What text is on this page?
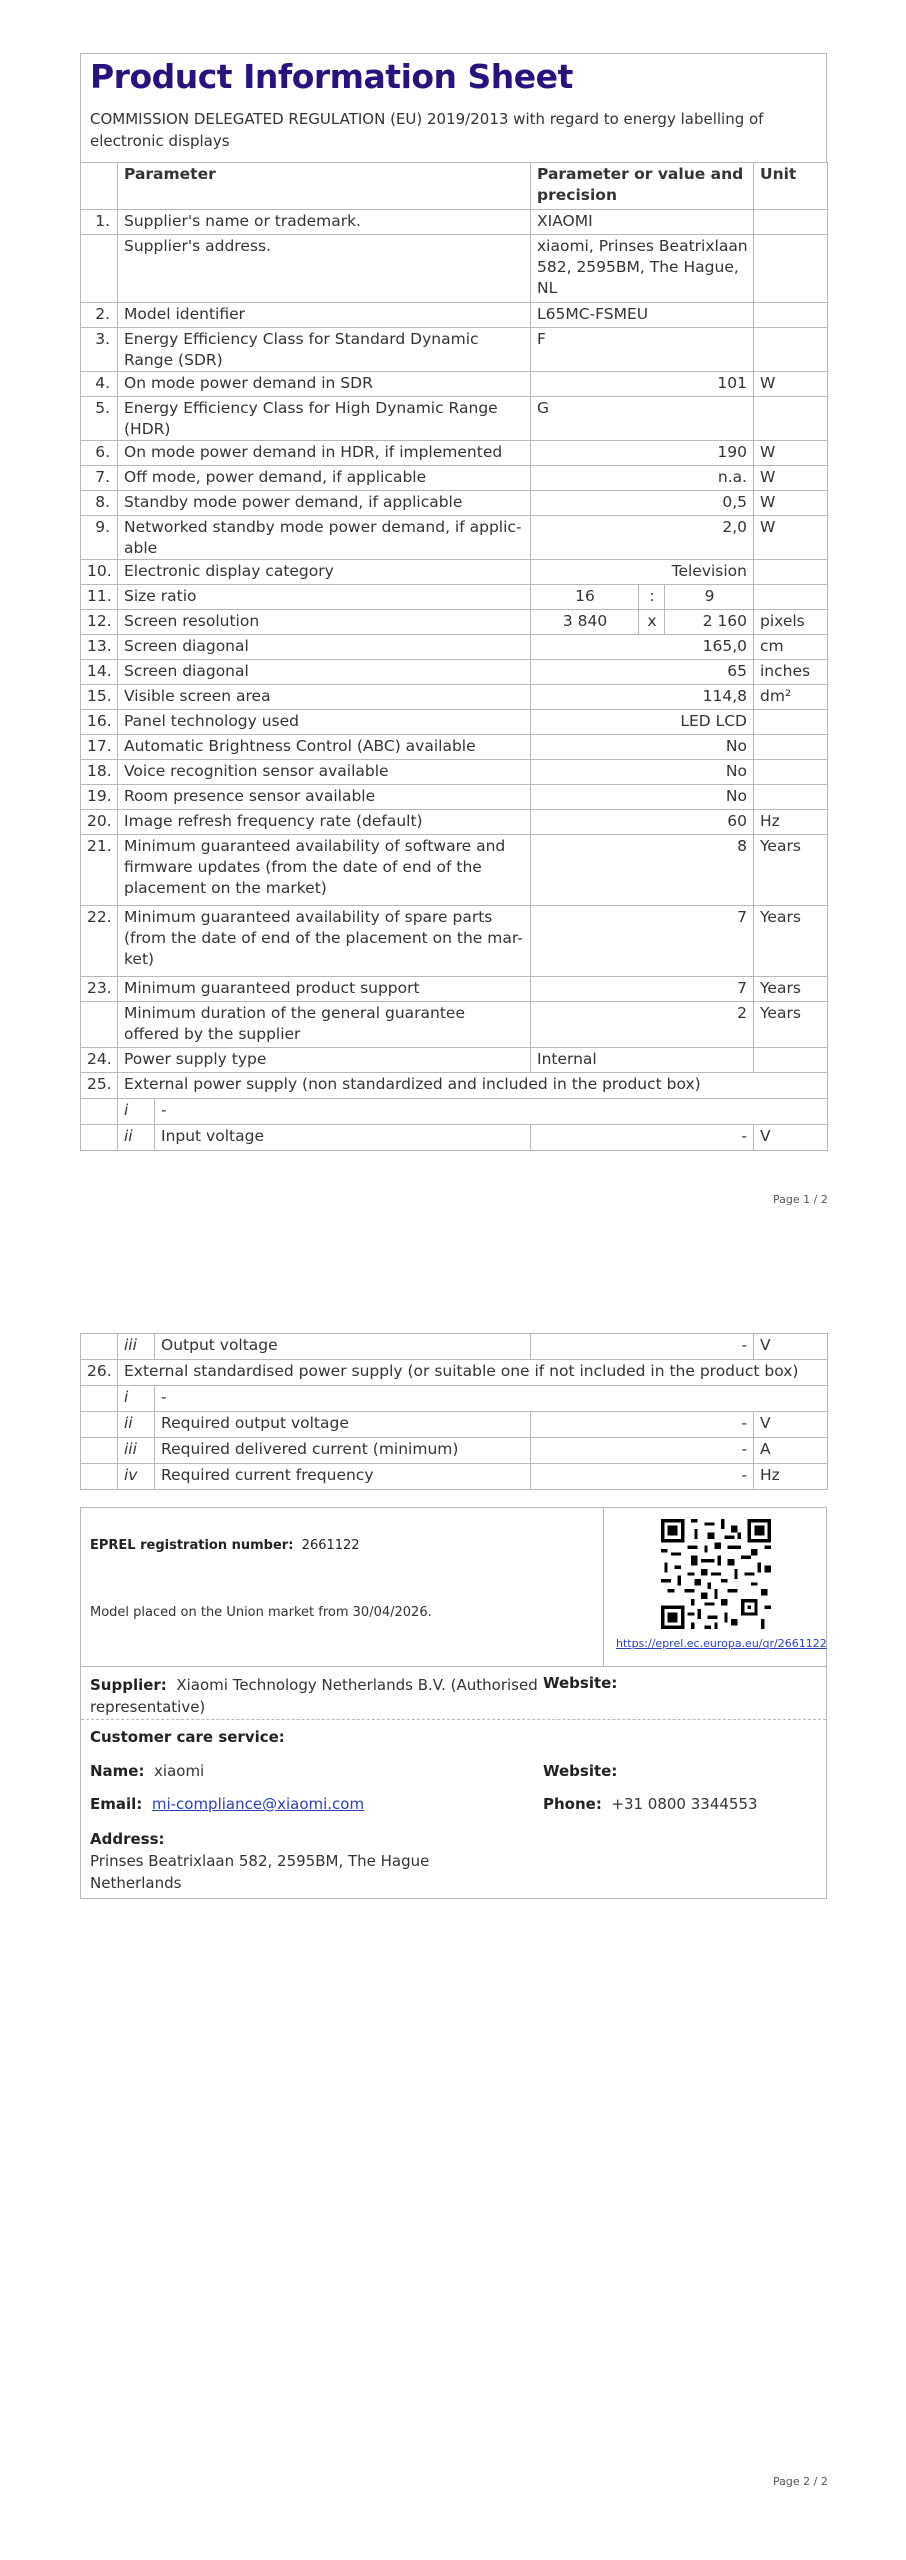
Product Information Sheet
COMMISSION DELEGATED REGULATION (EU) 2019/2013 with regard to energy labelling of electronic displays
	Parameter		Parameter or value and precision			Unit
1.	Supplier's name or trademark.		XIAOMI			
	Supplier's address.		xiaomi, Prinses Beatrixlaan 582, 2595BM, The Hague, NL			
2.	Model identifier		L65MC-FSMEU			
3.	Energy Efficiency Class for Standard Dynamic Range (SDR)		F			
4.	On mode power demand in SDR		101			W
5.	Energy Efficiency Class for High Dynamic Range (HDR)		G			
6.	On mode power demand in HDR, if implemented		190			W
7.	Off mode, power demand, if applicable		n.a.			W
8.	Standby mode power demand, if applicable		0,5			W
9.	Networked standby mode power demand, if applic-able		2,0			W
10.	Electronic display category		Television			
11.	Size ratio		16	:	9	
12.	Screen resolution		3 840	x	2 160	pixels
13.	Screen diagonal		165,0			cm
14.	Screen diagonal		65			inches
15.	Visible screen area		114,8			dm²
16.	Panel technology used		LED LCD			
17.	Automatic Brightness Control (ABC) available		No			
18.	Voice recognition sensor available		No			
19.	Room presence sensor available		No			
20.	Image refresh frequency rate (default)		60			Hz
21.	Minimum guaranteed availability of software and firmware updates (from the date of end of the placement on the market)		8			Years
22.	Minimum guaranteed availability of spare parts (from the date of end of the placement on the mar-ket)		7			Years
23.	Minimum guaranteed product support		7			Years
	Minimum duration of the general guarantee offered by the supplier		2			Years
24.	Power supply type		Internal			
25.	External power supply (non standardized and included in the product box)					
	i	-				
	ii	Input voltage	-			V
Page 1 / 2
	iii	Output voltage	-	V
26.	External standardised power supply (or suitable one if not included in the product box)			
	i	-		
	ii	Required output voltage	-	V
	iii	Required delivered current (minimum)	-	A
	iv	Required current frequency	-	Hz
EPREL registration number: 2661122
Model placed on the Union market from 30/04/2026.
https://eprel.ec.europa.eu/qr/2661122
Supplier: Xiaomi Technology Netherlands B.V. (Authorised representative)
Website:
Customer care service:
Name: xiaomi	Website:
Email: mi-compliance@xiaomi.com	Phone: +31 0800 3344553
Address:
Prinses Beatrixlaan 582, 2595BM, The Hague
Netherlands
Page 2 / 2
